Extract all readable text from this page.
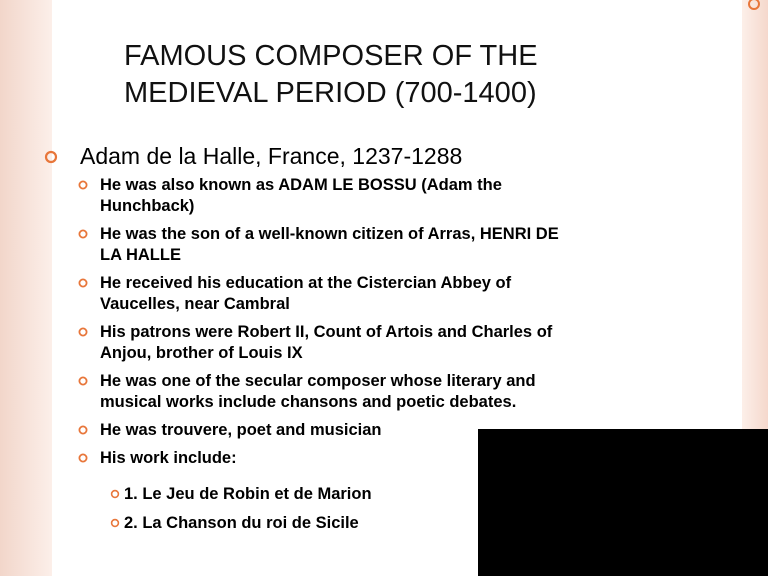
FAMOUS COMPOSER OF THE
MEDIEVAL PERIOD (700-1400)
Adam de la Halle, France, 1237-1288
He was also known as ADAM LE BOSSU (Adam the
Hunchback)
He was the son of a well-known citizen of Arras, HENRI DE
LA HALLE
He received his education at the Cistercian Abbey of
Vaucelles, near Cambral
His patrons were Robert II, Count of Artois and Charles of
Anjou, brother of Louis IX
He was one of the secular composer whose literary and
musical works include chansons and poetic debates.
He was trouvere, poet and musician
His work include:
1. Le Jeu de Robin et de Marion
2. La Chanson du roi de Sicile
